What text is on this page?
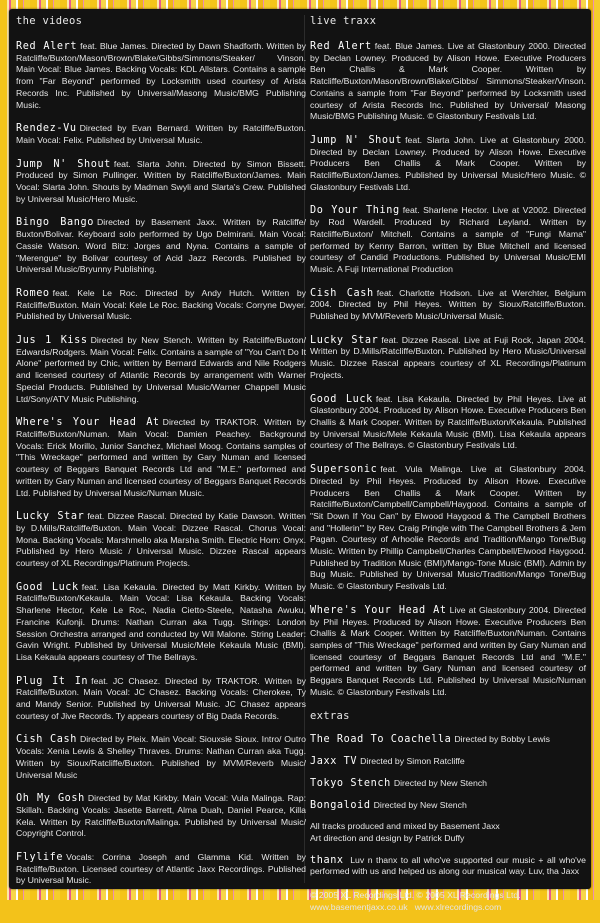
the videos
Red Alert feat. Blue James. Directed by Dawn Shadforth. Written by Ratcliffe/Buxton/Mason/Brown/Blake/Gibbs/Simmons/Steaker/ Vinson. Main Vocal: Blue James. Backing Vocals: KDL Allstars. Contains a sample from "Far Beyond" performed by Locksmith used courtesy of Arista Records Inc. Published by Universal/Masong Music/BMG Publishing Music.
Rendez-Vu Directed by Evan Bernard. Written by Ratcliffe/Buxton. Main Vocal: Felix. Published by Universal Music.
Jump N' Shout feat. Slarta John. Directed by Simon Bissett. Produced by Simon Pullinger. Written by Ratcliffe/Buxton/James. Main Vocal: Slarta John. Shouts by Madman Swyli and Slarta's Crew. Published by Universal Music/Hero Music.
Bingo Bango Directed by Basement Jaxx. Written by Ratcliffe/ Buxton/Bolivar. Keyboard solo performed by Ugo Delmirani. Main Vocal: Cassie Watson. Word Bitz: Jorges and Nyna. Contains a sample of "Merengue" by Bolivar courtesy of Acid Jazz Records. Published by Universal Music/Bryunny Publishing.
Romeo feat. Kele Le Roc. Directed by Andy Hutch. Written by Ratcliffe/Buxton. Main Vocal: Kele Le Roc. Backing Vocals: Corryne Dwyer. Published by Universal Music.
Jus 1 Kiss Directed by New Stench. Written by Ratcliffe/Buxton/ Edwards/Rodgers. Main Vocal: Felix. Contains a sample of "You Can't Do It Alone" performed by Chic, written by Bernard Edwards and Nile Rodgers and licensed courtesy of Atlantic Records by arrangement with Warner Special Products. Published by Universal Music/Warner Chappell Music Ltd/Sony/ATV Music Publishing.
Where's Your Head At Directed by TRAKTOR. Written by Ratcliffe/Buxton/Numan. Main Vocal: Damien Peachey. Background Vocals: Erick Morillo, Junior Sanchez, Michael Moog. Contains samples of "This Wreckage" performed and written by Gary Numan and licensed courtesy of Beggars Banquet Records Ltd and "M.E." performed and written by Gary Numan and licensed courtesy of Beggars Banquet Records Ltd. Published by Universal Music/Numan Music.
Lucky Star feat. Dizzee Rascal. Directed by Katie Dawson. Written by D.Mills/Ratcliffe/Buxton. Main Vocal: Dizzee Rascal. Chorus Vocal: Mona. Backing Vocals: Marshmello aka Marsha Smith. Electric Horn: Onyx. Published by Hero Music / Universal Music. Dizzee Rascal appears courtesy of XL Recordings/Platinum Projects.
Good Luck feat. Lisa Kekaula. Directed by Matt Kirkby. Written by Ratcliffe/Buxton/Kekaula. Main Vocal: Lisa Kekaula. Backing Vocals: Sharlene Hector, Kele Le Roc, Nadia Cietto-Steele, Natasha Awuku, Francine Kufonji. Drums: Nathan Curran aka Tugg. Strings: London Session Orchestra arranged and conducted by Wil Malone. String Leader: Gavin Wright. Published by Universal Music/Mele Kekaula Music (BMI). Lisa Kekaula appears courtesy of The Bellrays.
Plug It In feat. JC Chasez. Directed by TRAKTOR. Written by Ratcliffe/Buxton. Main Vocal: JC Chasez. Backing Vocals: Cherokee, Ty and Mandy Senior. Published by Universal Music. JC Chasez appears courtesy of Jive Records. Ty appears courtesy of Big Dada Records.
Cish Cash Directed by Pleix. Main Vocal: Siouxsie Sioux. Intro/ Outro Vocals: Xenia Lewis & Shelley Thraves. Drums: Nathan Curran aka Tugg. Written by Sioux/Ratcliffe/Buxton. Published by MVM/Reverb Music/ Universal Music
Oh My Gosh Directed by Mat Kirkby. Main Vocal: Vula Malinga. Rap: Skillah. Backing Vocals: Jasette Barrett, Alma Duah, Daniel Pearce, Killa Kela. Written by Ratcliffe/Buxton/Malinga. Published by Universal Music/ Copyright Control.
Flylife Vocals: Corrina Joseph and Glamma Kid. Written by Ratcliffe/Buxton. Licensed courtesy of Atlantic Jaxx Recordings. Published by Universal Music.
live traxx
Red Alert feat. Blue James. Live at Glastonbury 2000. Directed by Declan Lowney. Produced by Alison Howe. Executive Producers Ben Challis & Mark Cooper. Written by Ratcliffe/Buxton/Mason/Brown/Blake/Gibbs/ Simmons/Steaker/Vinson. Contains a sample from "Far Beyond" performed by Locksmith used courtesy of Arista Records Inc. Published by Universal/ Masong Music/BMG Publishing Music. © Glastonbury Festivals Ltd.
Jump N' Shout feat. Slarta John. Live at Glastonbury 2000. Directed by Declan Lowney. Produced by Alison Howe. Executive Producers Ben Challis & Mark Cooper. Written by Ratcliffe/Buxton/James. Published by Universal Music/Hero Music. © Glastonbury Festivals Ltd.
Do Your Thing feat. Sharlene Hector. Live at V2002. Directed by Rod Wardell. Produced by Richard Leyland. Written by Ratcliffe/Buxton/ Mitchell. Contains a sample of "Fungi Mama" performed by Kenny Barron, written by Blue Mitchell and licensed courtesy of Candid Productions. Published by Universal Music/EMI Music. A Fuji International Production
Cish Cash feat. Charlotte Hodson. Live at Werchter, Belgium 2004. Directed by Phil Heyes. Written by Sioux/Ratcliffe/Buxton. Published by MVM/Reverb Music/Universal Music.
Lucky Star feat. Dizzee Rascal. Live at Fuji Rock, Japan 2004. Written by D.Mills/Ratcliffe/Buxton. Published by Hero Music/Universal Music. Dizzee Rascal appears courtesy of XL Recordings/Platinum Projects.
Good Luck feat. Lisa Kekaula. Directed by Phil Heyes. Live at Glastonbury 2004. Produced by Alison Howe. Executive Producers Ben Challis & Mark Cooper. Written by Ratcliffe/Buxton/Kekaula. Published by Universal Music/Mele Kekaula Music (BMI). Lisa Kekaula appears courtesy of The Bellrays. © Glastonbury Festivals Ltd.
Supersonic feat. Vula Malinga. Live at Glastonbury 2004. Directed by Phil Heyes. Produced by Alison Howe. Executive Producers Ben Challis & Mark Cooper. Written by Ratcliffe/Buxton/Campbell/Campbell/Haygood. Contains a sample of "Sit Down If You Can" by Elwood Haygood & The Campbell Brothers and "Hollerin'" by Rev. Craig Pringle with The Campbell Brothers & Jem Pagan. Courtesy of Arhoolie Records and Tradition/Mango Tone/Bug Music. Written by Phillip Campbell/Charles Campbell/Elwood Haygood. Published by Tradition Music (BMI)/Mango-Tone Music (BMI). Admin by Bug Music. Published by Universal Music/Tradition/Mango Tone/Bug Music. © Glastonbury Festivals Ltd.
Where's Your Head At Live at Glastonbury 2004. Directed by Phil Heyes. Produced by Alison Howe. Executive Producers Ben Challis & Mark Cooper. Written by Ratcliffe/Buxton/Numan. Contains samples of "This Wreckage" performed and written by Gary Numan and licensed courtesy of Beggars Banquet Records Ltd and "M.E." performed and written by Gary Numan and licensed courtesy of Beggars Banquet Records Ltd. Published by Universal Music/Numan Music. © Glastonbury Festivals Ltd.
extras
The Road To Coachella Directed by Bobby Lewis
Jaxx TV Directed by Simon Ratcliffe
Tokyo Stench Directed by New Stench
Bongaloid Directed by New Stench
All tracks produced and mixed by Basement Jaxx
Art direction and design by Patrick Duffy
thanx Luv n thanx to all who've supported our music + all who've performed with us and helped us along our musical way. Luv, tha Jaxx
© 2005 XL Recordings Ltd. © 2005 XL Recordings Ltd.
www.basementjaxx.co.uk   www.xlrecordings.com
